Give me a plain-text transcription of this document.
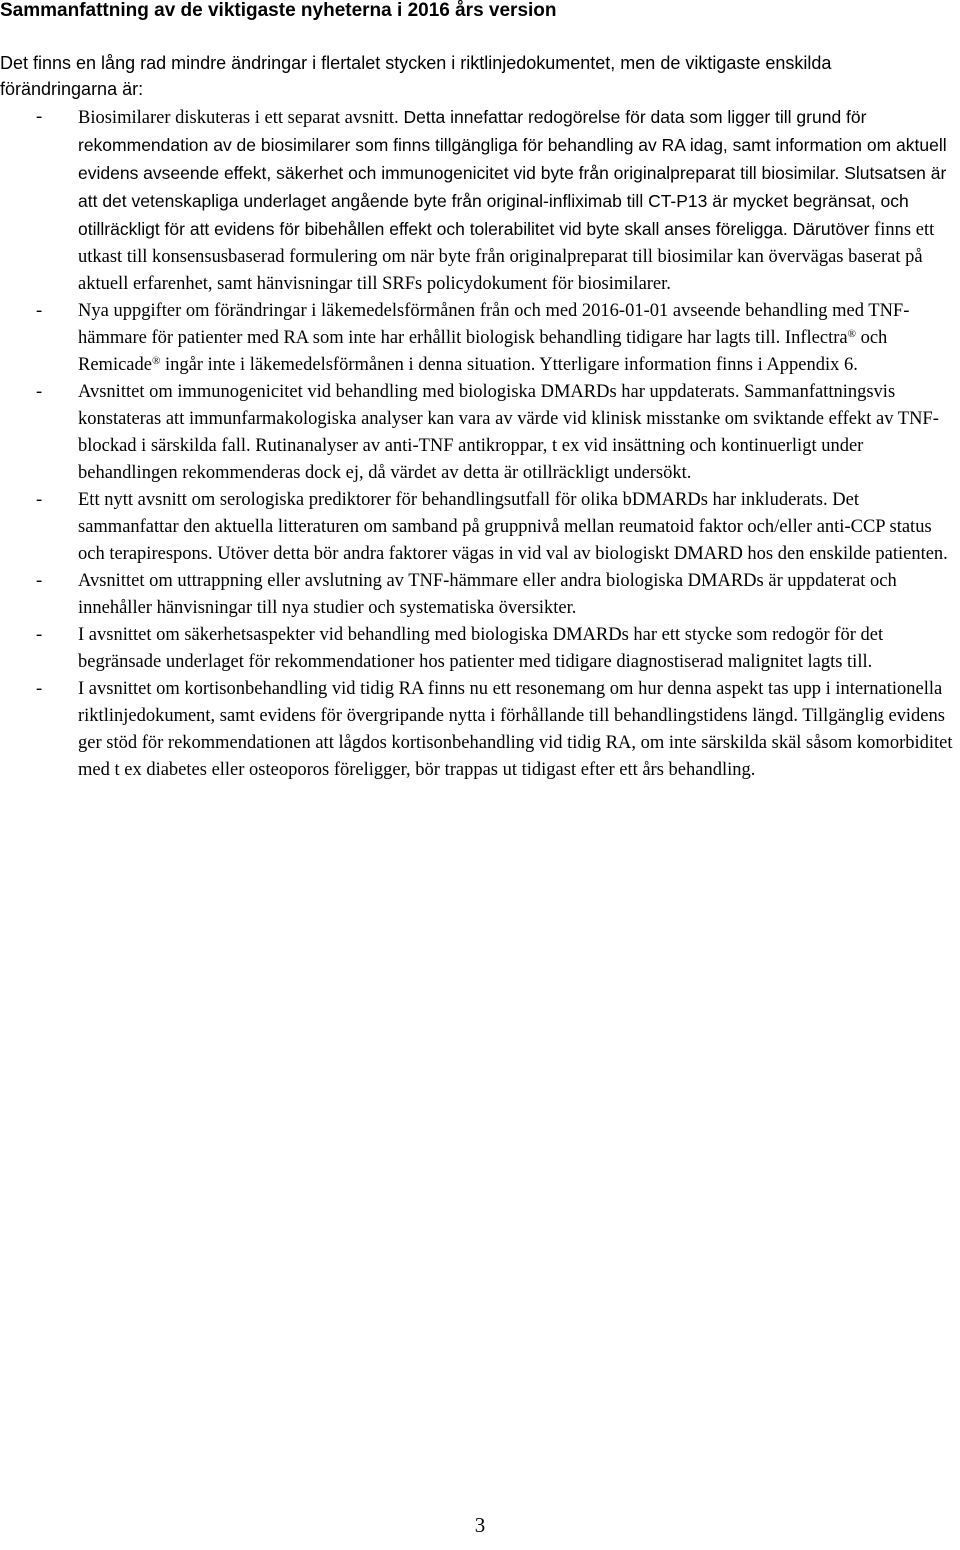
Sammanfattning av de viktigaste nyheterna i 2016 års version

Det finns en lång rad mindre ändringar i flertalet stycken i riktlinjedokumentet, men de viktigaste enskilda förändringarna är:

- Biosimilarer diskuteras i ett separat avsnitt. Detta innefattar redogörelse för data som ligger till grund för rekommendation av de biosimilarer som finns tillgängliga för behandling av RA idag, samt information om aktuell evidens avseende effekt, säkerhet och immunogenicitet vid byte från originalpreparat till biosimilar. Slutsatsen är att det vetenskapliga underlaget angående byte från original-infliximab till CT-P13 är mycket begränsat, och otillräckligt för att evidens för bibehållen effekt och tolerabilitet vid byte skall anses föreligga. Därutöver finns ett utkast till konsensusbaserad formulering om när byte från originalpreparat till biosimilar kan övervägas baserat på aktuell erfarenhet, samt hänvisningar till SRFs policydokument för biosimilarer.
- Nya uppgifter om förändringar i läkemedelsförmånen från och med 2016-01-01 avseende behandling med TNF-hämmare för patienter med RA som inte har erhållit biologisk behandling tidigare har lagts till. Inflectra® och Remicade® ingår inte i läkemedelsförmånen i denna situation. Ytterligare information finns i Appendix 6.
- Avsnittet om immunogenicitet vid behandling med biologiska DMARDs har uppdaterats. Sammanfattningsvis konstateras att immunfarmakologiska analyser kan vara av värde vid klinisk misstanke om sviktande effekt av TNF-blockad i särskilda fall. Rutinanalyser av anti-TNF antikroppar, t ex vid insättning och kontinuerligt under behandlingen rekommenderas dock ej, då värdet av detta är otillräckligt undersökt.
- Ett nytt avsnitt om serologiska prediktorer för behandlingsutfall för olika bDMARDs har inkluderats. Det sammanfattar den aktuella litteraturen om samband på gruppnivå mellan reumatoid faktor och/eller anti-CCP status och terapirespons. Utöver detta bör andra faktorer vägas in vid val av biologiskt DMARD hos den enskilde patienten.
- Avsnittet om uttrappning eller avslutning av TNF-hämmare eller andra biologiska DMARDs är uppdaterat och innehåller hänvisningar till nya studier och systematiska översikter.
- I avsnittet om säkerhetsaspekter vid behandling med biologiska DMARDs har ett stycke som redogör för det begränsade underlaget för rekommendationer hos patienter med tidigare diagnostiserad malignitet lagts till.
- I avsnittet om kortisonbehandling vid tidig RA finns nu ett resonemang om hur denna aspekt tas upp i internationella riktlinjedokument, samt evidens för övergripande nytta i förhållande till behandlingstidens längd. Tillgänglig evidens ger stöd för rekommendationen att lågdos kortisonbehandling vid tidig RA, om inte särskilda skäl såsom komorbiditet med t ex diabetes eller osteoporos föreligger, bör trappas ut tidigast efter ett års behandling.

3
